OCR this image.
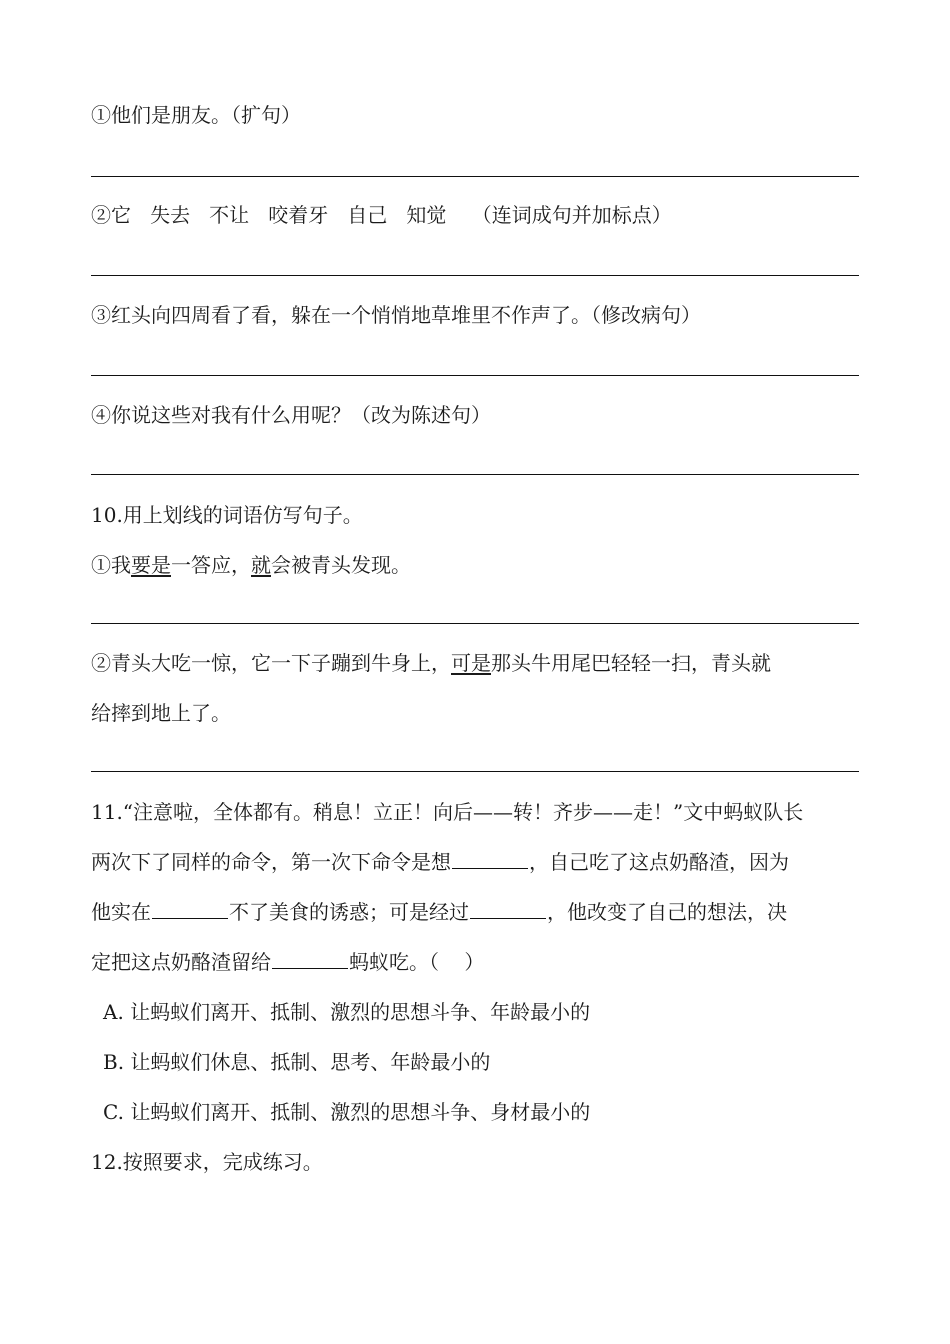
①他们是朋友。（扩句）
②它   失去   不让   咬着牙   自己   知觉    （连词成句并加标点）
③红头向四周看了看，躲在一个悄悄地草堆里不作声了。（修改病句）
④你说这些对我有什么用呢？（改为陈述句）
10.用上划线的词语仿写句子。
①我要是一答应，就会被青头发现。
②青头大吃一惊，它一下子蹦到牛身上，可是那头牛用尾巴轻轻一扫，青头就
给摔到地上了。
11.“注意啦，全体都有。稍息！立正！向后——转！齐步——走！”文中蚂蚁队长
两次下了同样的命令，第一次下命令是想	，自己吃了这点奶酪渣，因为
他实在	不了美食的诱惑；可是经过	，他改变了自己的想法，决
定把这点奶酪渣留给	蚂蚁吃。（    ）
A. 让蚂蚁们离开、抵制、激烈的思想斗争、年龄最小的
B. 让蚂蚁们休息、抵制、思考、年龄最小的
C. 让蚂蚁们离开、抵制、激烈的思想斗争、身材最小的
12.按照要求，完成练习。
